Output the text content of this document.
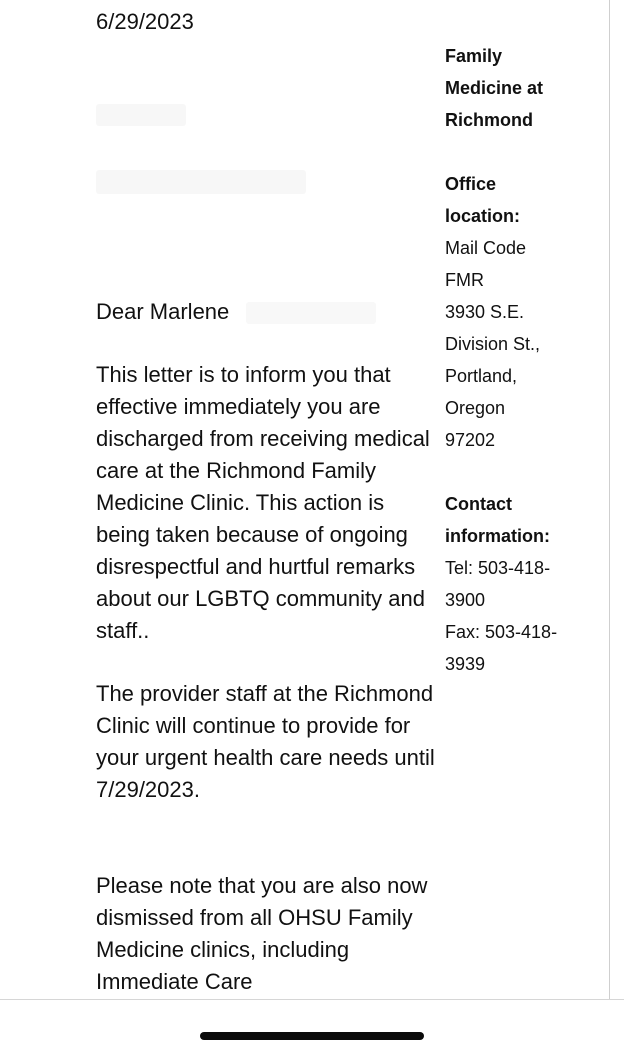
6/29/2023
Dear Marlene

This letter is to inform you that effective immediately you are discharged from receiving medical care at the Richmond Family Medicine Clinic. This action is being taken because of ongoing disrespectful and hurtful remarks about our LGBTQ community and staff..

The provider staff at the Richmond Clinic will continue to provide for your urgent health care needs until 7/29/2023.

Please note that you are also now dismissed from all OHSU Family Medicine clinics, including Immediate Care

Family

Medicine at

Richmond

Office

location:

Mail Code

FMR

3930 S.E.

Division St.,

Portland,

Oregon

97202

Contact

information:

Tel: 503-418-

3900

Fax: 503-418-

3939
